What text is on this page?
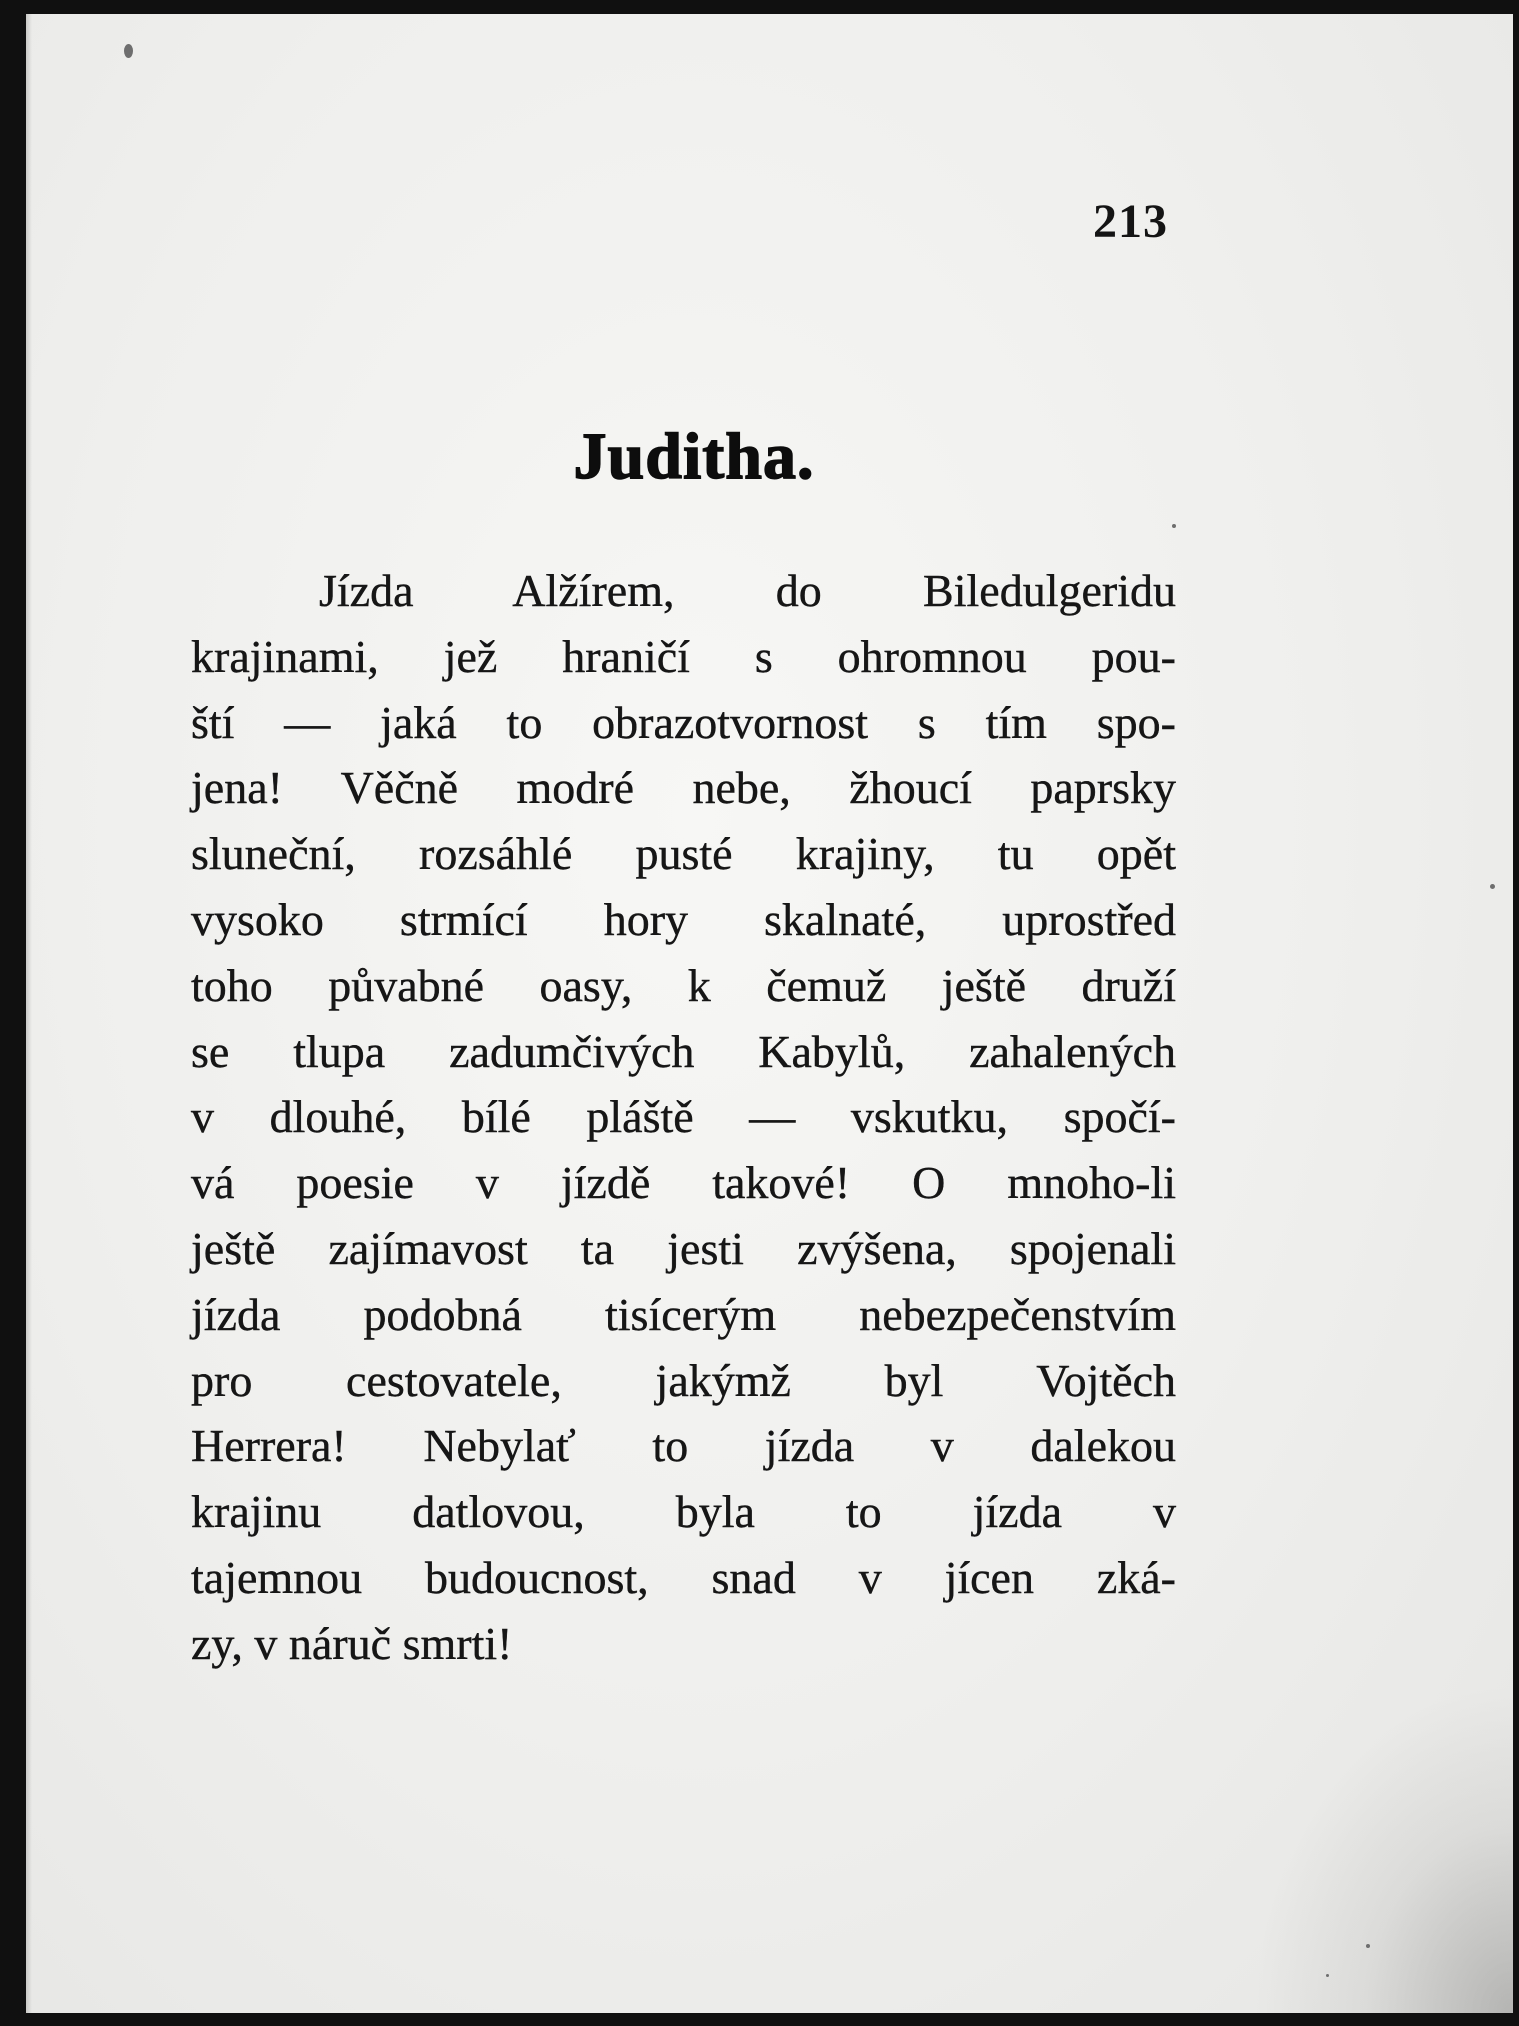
213
Juditha.
Jízda Alžírem, do Biledulgeridu
krajinami, jež hraničí s ohromnou pou-
ští — jaká to obrazotvornost s tím spo-
jena! Věčně modré nebe, žhoucí paprsky
sluneční, rozsáhlé pusté krajiny, tu opět
vysoko strmící hory skalnaté, uprostřed
toho půvabné oasy, k čemuž ještě druží
se tlupa zadumčivých Kabylů, zahalených
v dlouhé, bílé pláště — vskutku, spočí-
vá poesie v jízdě takové! O mnoho-li
ještě zajímavost ta jesti zvýšena, spojenali
jízda podobná tisícerým nebezpečenstvím
pro cestovatele, jakýmž byl Vojtěch
Herrera! Nebylať to jízda v dalekou
krajinu datlovou, byla to jízda v
tajemnou budoucnost, snad v jícen zká-
zy, v náruč smrti!
